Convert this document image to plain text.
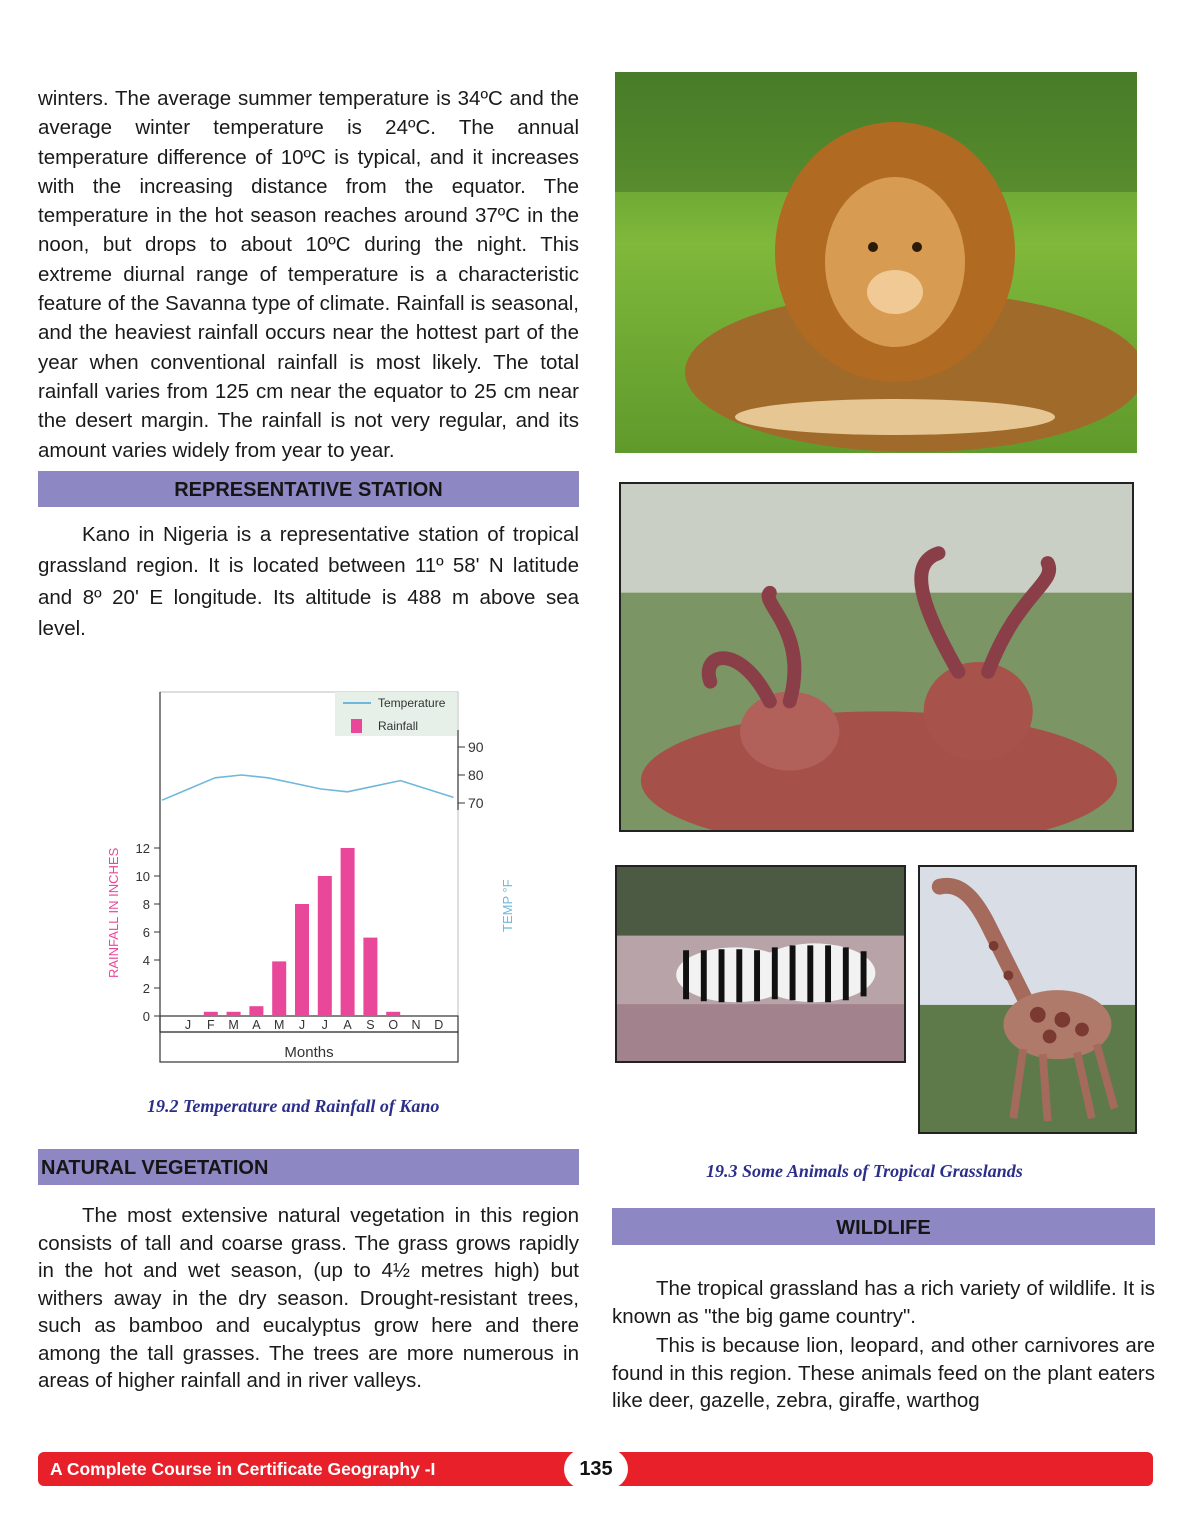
winters. The average summer temperature is 34ºC and the average winter temperature is 24ºC. The annual temperature difference of 10ºC is typical, and it increases with the increasing distance from the equator. The temperature in the hot season reaches around 37ºC in the noon, but drops to about 10ºC during the night. This extreme diurnal range of temperature is a characteristic feature of the Savanna type of climate. Rainfall is seasonal, and the heaviest rainfall occurs near the hottest part of the year when conventional rainfall is most likely. The total rainfall varies from 125 cm near the equator to 25 cm near the desert margin. The rainfall is not very regular, and its amount varies widely from year to year.

REPRESENTATIVE STATION

Kano in Nigeria is a representative station of tropical grassland region. It is located between 11º 58' N latitude and 8º 20' E longitude. Its altitude is 488 m above sea level.

Temperature
Rainfall
RAINFALL IN INCHES	TEMP °F
Months
0
2
4
6
8
10
12
70
80
90
J F M A M J J A S O N D
19.2 Temperature and Rainfall of Kano
NATURAL VEGETATION

The most extensive natural vegetation in this region consists of tall and coarse grass. The grass grows rapidly in the hot and wet season, (up to 4½ metres high) but withers away in the dry season. Drought-resistant trees, such as bamboo and eucalyptus grow here and there among the tall grasses. The trees are more numerous in areas of higher rainfall and in river valleys.

19.3 Some Animals of Tropical Grasslands
WILDLIFE

The tropical grassland has a rich variety of wildlife. It is known as "the big game country".

This is because lion, leopard, and other carnivores are found in this region. These animals feed on the plant eaters like deer, gazelle, zebra, giraffe, warthog

A Complete Course in Certificate Geography -I	135
